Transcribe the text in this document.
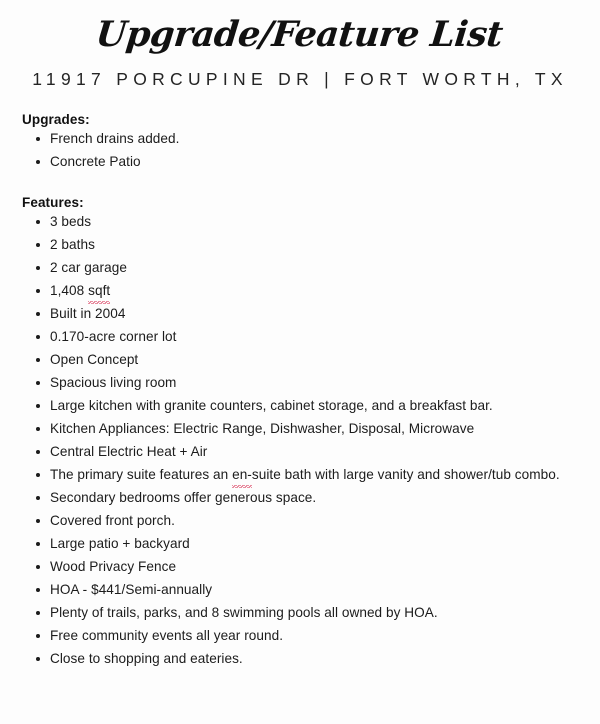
Upgrade/Feature List
11917 PORCUPINE DR | FORT WORTH, TX
Upgrades:
French drains added.
Concrete Patio
Features:
3 beds
2 baths
2 car garage
1,408 sqft
Built in 2004
0.170-acre corner lot
Open Concept
Spacious living room
Large kitchen with granite counters, cabinet storage, and a breakfast bar.
Kitchen Appliances: Electric Range, Dishwasher, Disposal, Microwave
Central Electric Heat + Air
The primary suite features an en-suite bath with large vanity and shower/tub combo.
Secondary bedrooms offer generous space.
Covered front porch.
Large patio + backyard
Wood Privacy Fence
HOA - $441/Semi-annually
Plenty of trails, parks, and 8 swimming pools all owned by HOA.
Free community events all year round.
Close to shopping and eateries.
